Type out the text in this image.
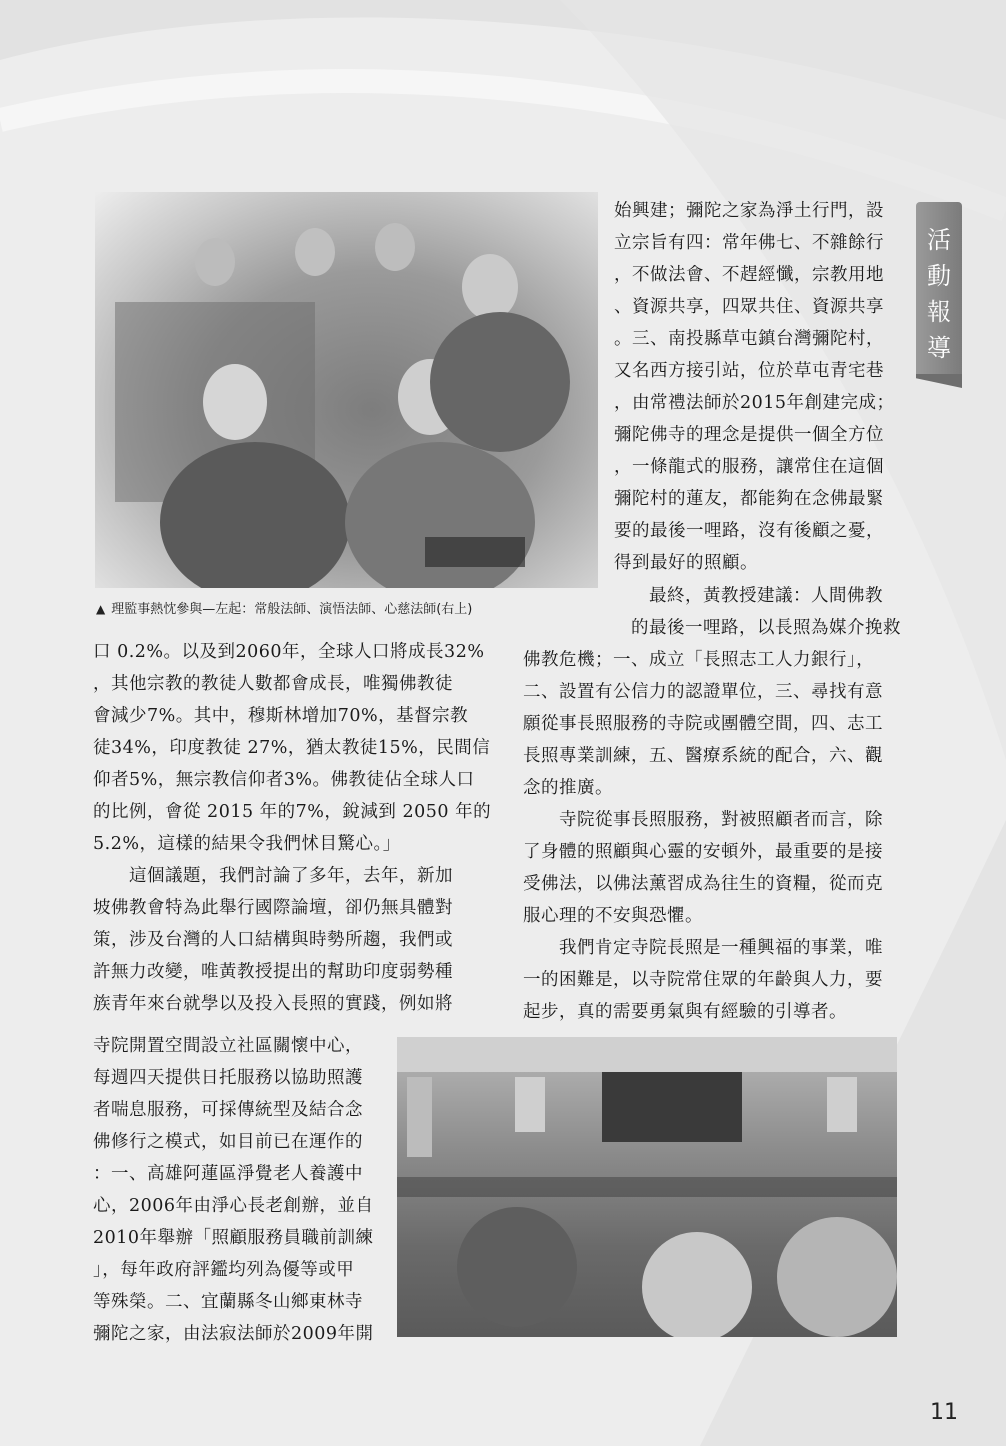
▲ 理監事熱忱參與—左起：常般法師、演悟法師、心慈法師(右上)
活
動
報
導
始興建；彌陀之家為淨土行門，設
立宗旨有四：常年佛七、不雜餘行
，不做法會、不趕經懺，宗教用地
、資源共享，四眾共住、資源共享
。三、南投縣草屯鎮台灣彌陀村，
又名西方接引站，位於草屯青宅巷
，由常禮法師於2015年創建完成；
彌陀佛寺的理念是提供一個全方位
，一條龍式的服務，讓常住在這個
彌陀村的蓮友，都能夠在念佛最緊
要的最後一哩路，沒有後顧之憂，
得到最好的照顧。
　　　　　　　最終，黃教授建議：人間佛教
　　　　　　的最後一哩路，以長照為媒介挽救
佛教危機；一、成立「長照志工人力銀行」，
二、設置有公信力的認證單位，三、尋找有意
願從事長照服務的寺院或團體空間，四、志工
長照專業訓練，五、醫療系統的配合，六、觀
念的推廣。
　　寺院從事長照服務，對被照顧者而言，除
了身體的照顧與心靈的安頓外，最重要的是接
受佛法，以佛法薰習成為往生的資糧，從而克
服心理的不安與恐懼。
　　我們肯定寺院長照是一種興福的事業，唯
一的困難是，以寺院常住眾的年齡與人力，要
起步，真的需要勇氣與有經驗的引導者。
口 0.2%。以及到2060年，全球人口將成長32%
，其他宗教的教徒人數都會成長，唯獨佛教徒
會減少7%。其中，穆斯林增加70%，基督宗教
徒34%，印度教徒 27%，猶太教徒15%，民間信
仰者5%，無宗教信仰者3%。佛教徒佔全球人口
的比例，會從 2015 年的7%，銳減到 2050 年的
5.2%，這樣的結果令我們怵目驚心。」
　　這個議題，我們討論了多年，去年，新加
坡佛教會特為此舉行國際論壇，卻仍無具體對
策，涉及台灣的人口結構與時勢所趨，我們或
許無力改變，唯黃教授提出的幫助印度弱勢種
族青年來台就學以及投入長照的實踐，例如將
寺院開置空間設立社區關懷中心，
每週四天提供日托服務以協助照護
者喘息服務，可採傳統型及結合念
佛修行之模式，如目前已在運作的
：一、高雄阿蓮區淨覺老人養護中
心，2006年由淨心長老創辦，並自
2010年舉辦「照顧服務員職前訓練
」，每年政府評鑑均列為優等或甲
等殊榮。二、宜蘭縣冬山鄉東林寺
彌陀之家，由法寂法師於2009年開
11
